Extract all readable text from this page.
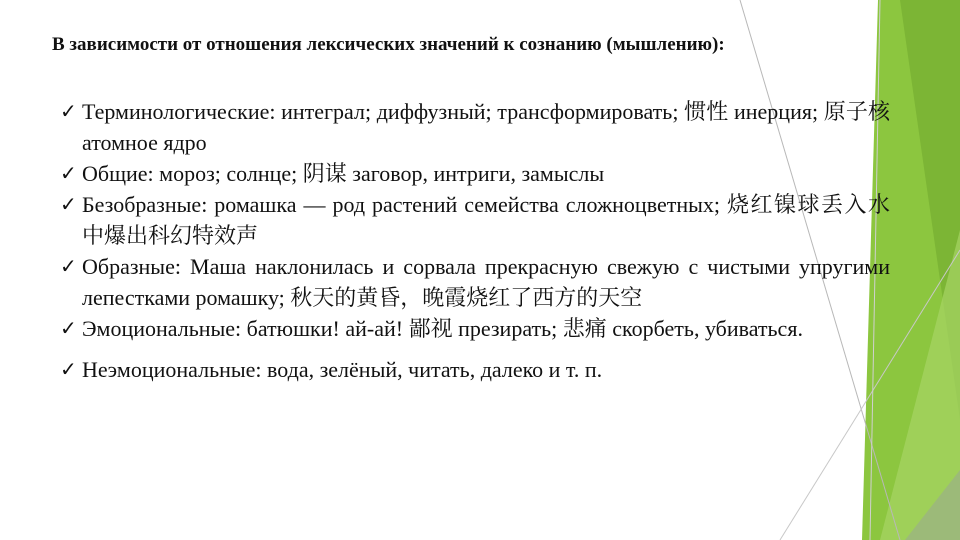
В зависимости от отношения лексических значений к сознанию (мышлению):
✓ Терминологические: интеграл; диффузный; трансформировать; 惯性 инерция; 原子核 атомное ядро
✓ Общие: мороз; солнце; 阴谋 заговор, интриги, замыслы
✓ Безобразные: ромашка — род растений семейства сложноцветных; 烧红镍球丢入水中爆出科幻特效声
✓ Образные: Маша наклонилась и сорвала прекрасную свежую с чистыми упругими лепестками ромашку; 秋天的黄昏，晚霞烧红了西方的天空
✓ Эмоциональные: батюшки! ай-ай! 鄙视 презирать; 悲痛 скорбеть, убиваться.
✓ Неэмоциональные: вода, зелёный, читать, далеко и т. п.
